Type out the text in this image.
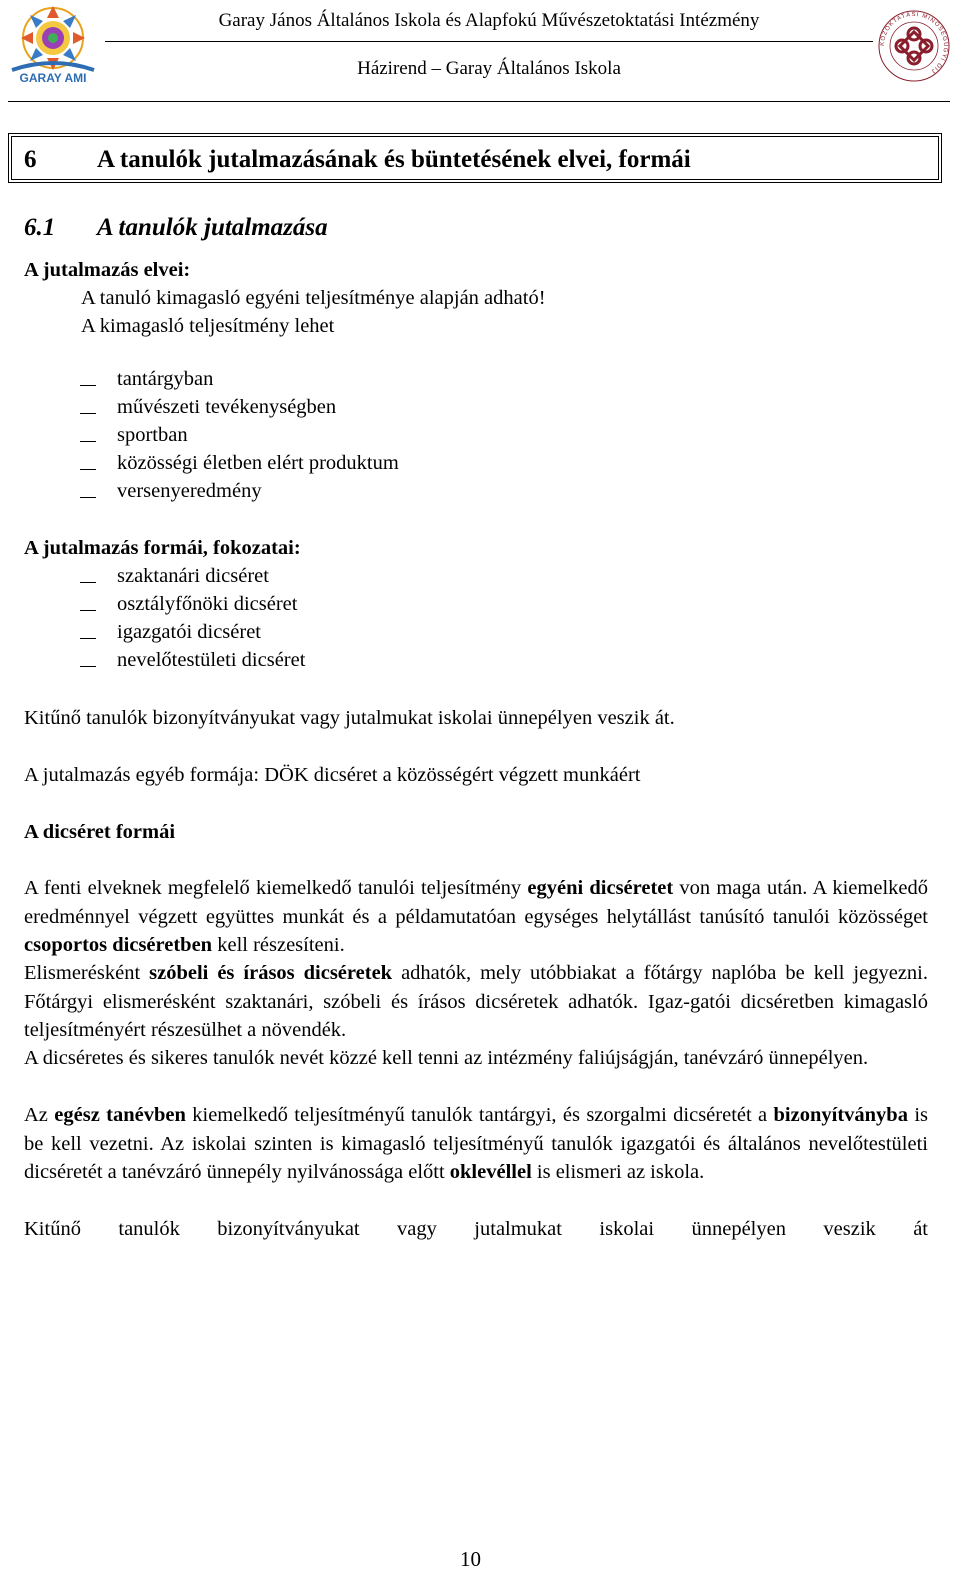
GARAY AMI
Garay János Általános Iskola és Alapfokú Művészetoktatási Intézmény
Házirend – Garay Általános Iskola
KÖZOKTATÁSI MINŐSÉGÜGYI DÍJ
6 A tanulók jutalmazásának és büntetésének elvei, formái
6.1 A tanulók jutalmazása
A jutalmazás elvei:
A tanuló kimagasló egyéni teljesítménye alapján adható!
A kimagasló teljesítmény lehet
tantárgyban
művészeti tevékenységben
sportban
közösségi életben elért produktum
versenyeredmény
A jutalmazás formái, fokozatai:
szaktanári dicséret
osztályfőnöki dicséret
igazgatói dicséret
nevelőtestületi dicséret
Kitűnő tanulók bizonyítványukat vagy jutalmukat iskolai ünnepélyen veszik át.
A jutalmazás egyéb formája: DÖK dicséret a közösségért végzett munkáért
A dicséret formái
A fenti elveknek megfelelő kiemelkedő tanulói teljesítmény egyéni dicséretet von maga után. A kiemelkedő eredménnyel végzett együttes munkát és a példamutatóan egységes helytállást tanúsító tanulói közösséget csoportos dicséretben kell részesíteni.
Elismerésként szóbeli és írásos dicséretek adhatók, mely utóbbiakat a főtárgy naplóba be kell jegyezni. Főtárgyi elismerésként szaktanári, szóbeli és írásos dicséretek adhatók. Igaz-gatói dicséretben kimagasló teljesítményért részesülhet a növendék.
A dicséretes és sikeres tanulók nevét közzé kell tenni az intézmény faliújságján, tanévzáró ünnepélyen.
Az egész tanévben kiemelkedő teljesítményű tanulók tantárgyi, és szorgalmi dicséretét a bizonyítványba is be kell vezetni. Az iskolai szinten is kimagasló teljesítményű tanulók igazgatói és általános nevelőtestületi dicséretét a tanévzáró ünnepély nyilvánossága előtt oklevéllel is elismeri az iskola.
Kitűnő tanulók bizonyítványukat vagy jutalmukat iskolai ünnepélyen veszik át
10
